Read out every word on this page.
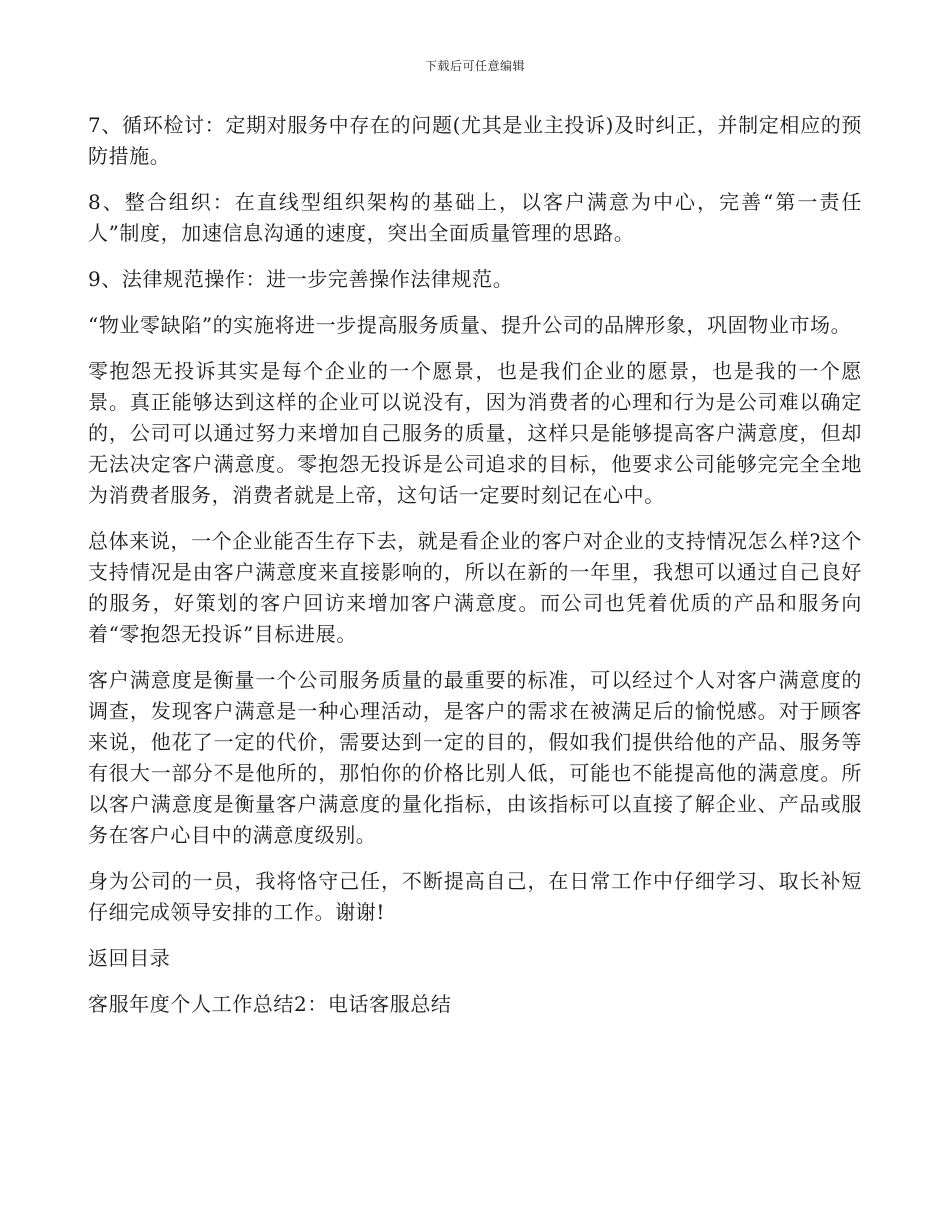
下载后可任意编辑

7、循环检讨：定期对服务中存在的问题(尤其是业主投诉)及时纠正，并制定相应的预防措施。

8、整合组织：在直线型组织架构的基础上，以客户满意为中心，完善“第一责任人”制度，加速信息沟通的速度，突出全面质量管理的思路。

9、法律规范操作：进一步完善操作法律规范。

“物业零缺陷”的实施将进一步提高服务质量、提升公司的品牌形象，巩固物业市场。

零抱怨无投诉其实是每个企业的一个愿景，也是我们企业的愿景，也是我的一个愿景。真正能够达到这样的企业可以说没有，因为消费者的心理和行为是公司难以确定的，公司可以通过努力来增加自己服务的质量，这样只是能够提高客户满意度，但却无法决定客户满意度。零抱怨无投诉是公司追求的目标，他要求公司能够完完全全地为消费者服务，消费者就是上帝，这句话一定要时刻记在心中。

总体来说，一个企业能否生存下去，就是看企业的客户对企业的支持情况怎么样?这个支持情况是由客户满意度来直接影响的，所以在新的一年里，我想可以通过自己良好的服务，好策划的客户回访来增加客户满意度。而公司也凭着优质的产品和服务向着“零抱怨无投诉”目标进展。

客户满意度是衡量一个公司服务质量的最重要的标准，可以经过个人对客户满意度的调查，发现客户满意是一种心理活动，是客户的需求在被满足后的愉悦感。对于顾客来说，他花了一定的代价，需要达到一定的目的，假如我们提供给他的产品、服务等有很大一部分不是他所的，那怕你的价格比别人低，可能也不能提高他的满意度。所以客户满意度是衡量客户满意度的量化指标，由该指标可以直接了解企业、产品或服务在客户心目中的满意度级别。

身为公司的一员，我将恪守己任，不断提高自己，在日常工作中仔细学习、取长补短仔细完成领导安排的工作。谢谢!

返回目录

客服年度个人工作总结2：电话客服总结
